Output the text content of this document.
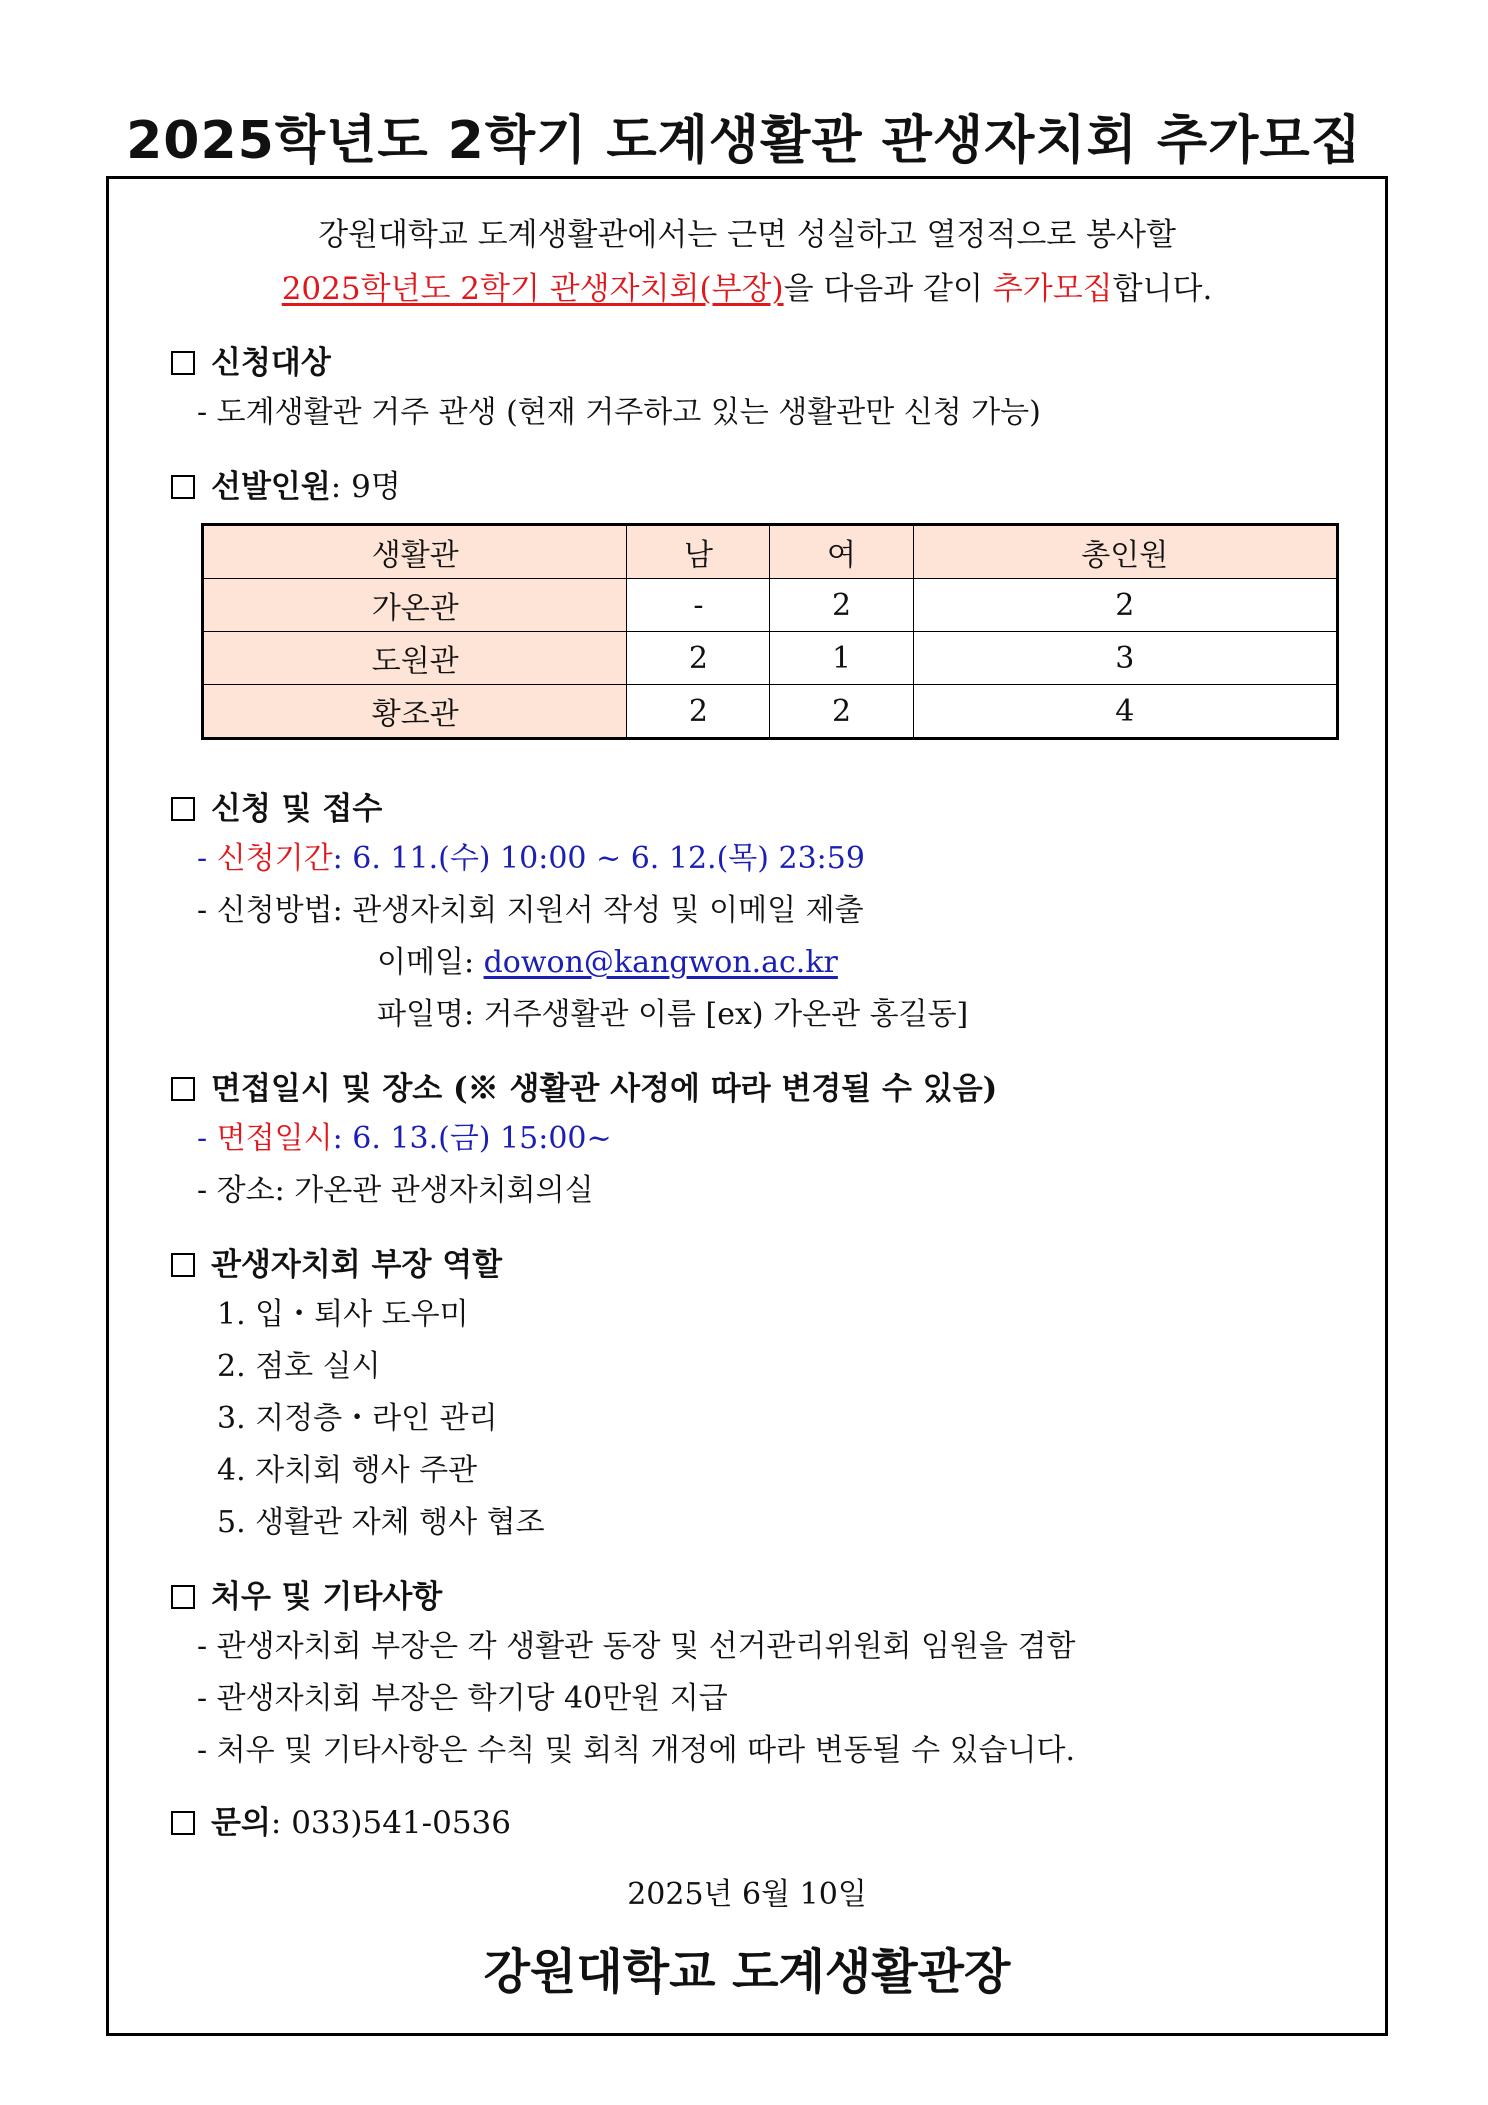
2025학년도 2학기 도계생활관 관생자치회 추가모집
강원대학교 도계생활관에서는 근면 성실하고 열정적으로 봉사할
2025학년도 2학기 관생자치회(부장)을 다음과 같이 추가모집합니다.
신청대상
- 도계생활관 거주 관생 (현재 거주하고 있는 생활관만 신청 가능)
선발인원: 9명
생활관	남	여	총인원
가온관	-	2	2
도원관	2	1	3
황조관	2	2	4
신청 및 접수
- 신청기간: 6. 11.(수) 10:00 ~ 6. 12.(목) 23:59
- 신청방법: 관생자치회 지원서 작성 및 이메일 제출
이메일: dowon@kangwon.ac.kr
파일명: 거주생활관 이름 [ex) 가온관 홍길동]
면접일시 및 장소 (※ 생활관 사정에 따라 변경될 수 있음)
- 면접일시: 6. 13.(금) 15:00~
- 장소: 가온관 관생자치회의실
관생자치회 부장 역할
1. 입・퇴사 도우미
2. 점호 실시
3. 지정층・라인 관리
4. 자치회 행사 주관
5. 생활관 자체 행사 협조
처우 및 기타사항
- 관생자치회 부장은 각 생활관 동장 및 선거관리위원회 임원을 겸함
- 관생자치회 부장은 학기당 40만원 지급
- 처우 및 기타사항은 수칙 및 회칙 개정에 따라 변동될 수 있습니다.
문의: 033)541-0536
2025년 6월 10일
강원대학교 도계생활관장
